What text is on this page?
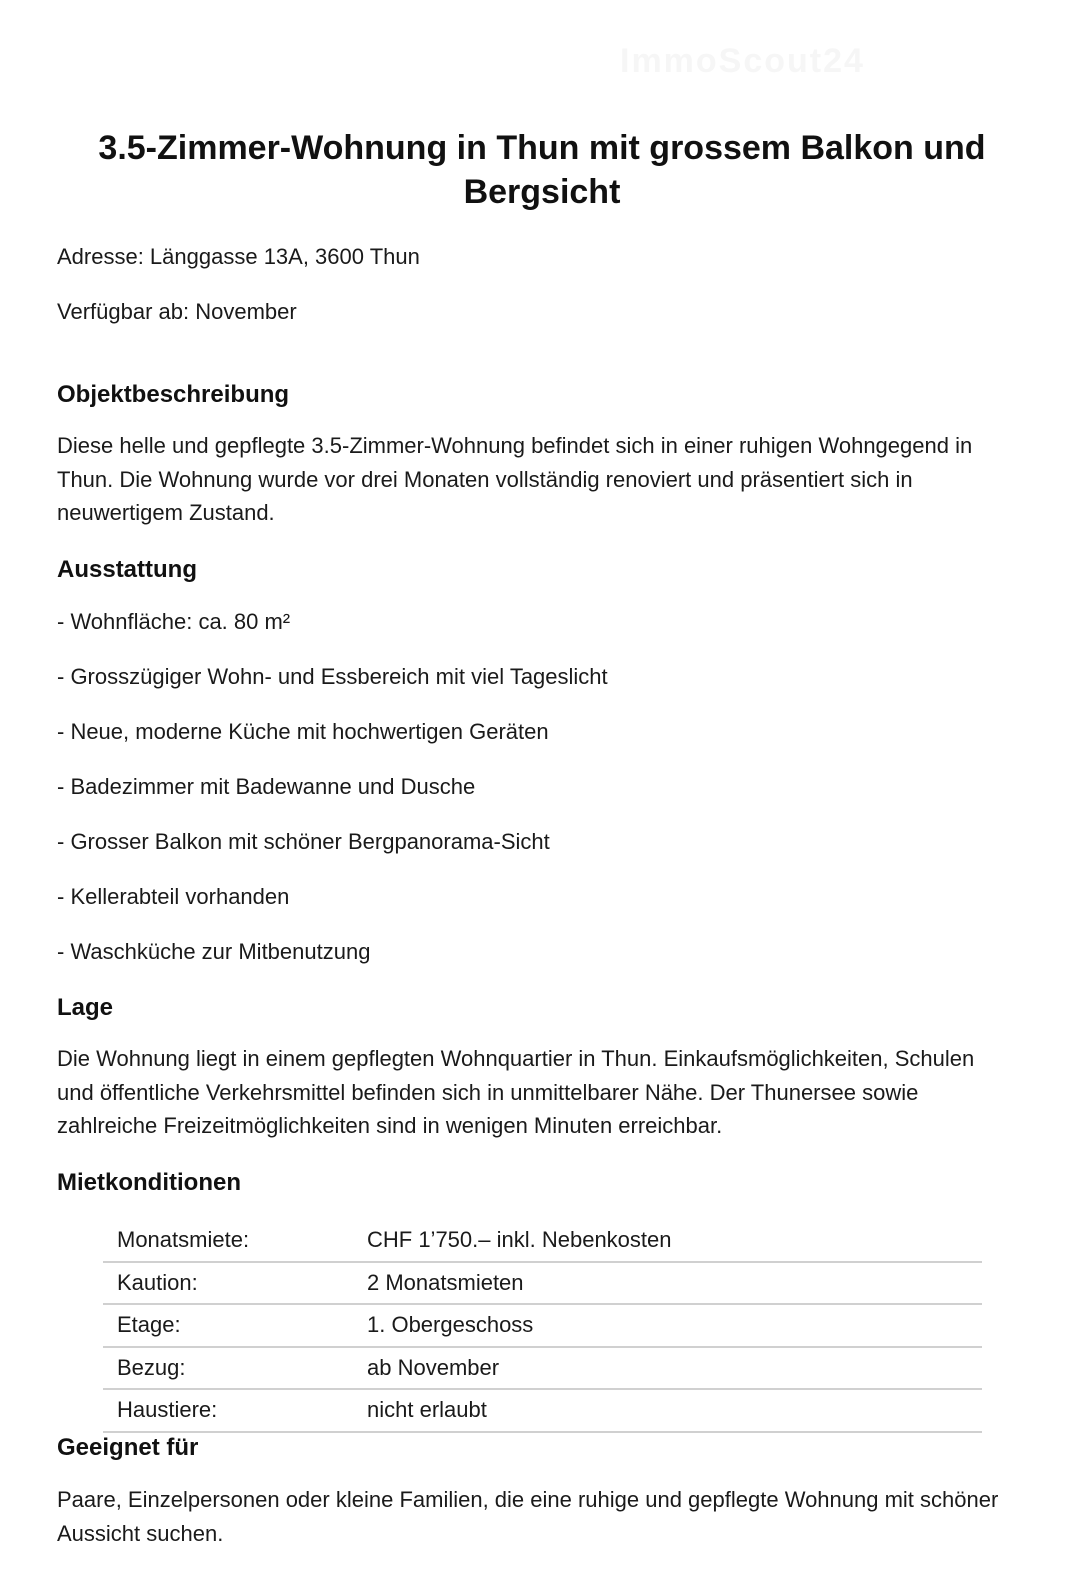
ImmoScout24
3.5-Zimmer-Wohnung in Thun mit grossem Balkon und Bergsicht
Adresse: Länggasse 13A, 3600 Thun
Verfügbar ab: November
Objektbeschreibung

Diese helle und gepflegte 3.5-Zimmer-Wohnung befindet sich in einer ruhigen Wohngegend in Thun. Die Wohnung wurde vor drei Monaten vollständig renoviert und präsentiert sich in neuwertigem Zustand.

Ausstattung
- Wohnfläche: ca. 80 m²
- Grosszügiger Wohn- und Essbereich mit viel Tageslicht
- Neue, moderne Küche mit hochwertigen Geräten
- Badezimmer mit Badewanne und Dusche
- Grosser Balkon mit schöner Bergpanorama-Sicht
- Kellerabteil vorhanden
- Waschküche zur Mitbenutzung
Lage

Die Wohnung liegt in einem gepflegten Wohnquartier in Thun. Einkaufsmöglichkeiten, Schulen und öffentliche Verkehrsmittel befinden sich in unmittelbarer Nähe. Der Thunersee sowie zahlreiche Freizeitmöglichkeiten sind in wenigen Minuten erreichbar.

Mietkonditionen
Monatsmiete:	CHF 1’750.– inkl. Nebenkosten
Kaution:	2 Monatsmieten
Etage:	1. Obergeschoss
Bezug:	ab November
Haustiere:	nicht erlaubt
Geeignet für

Paare, Einzelpersonen oder kleine Familien, die eine ruhige und gepflegte Wohnung mit schöner Aussicht suchen.
